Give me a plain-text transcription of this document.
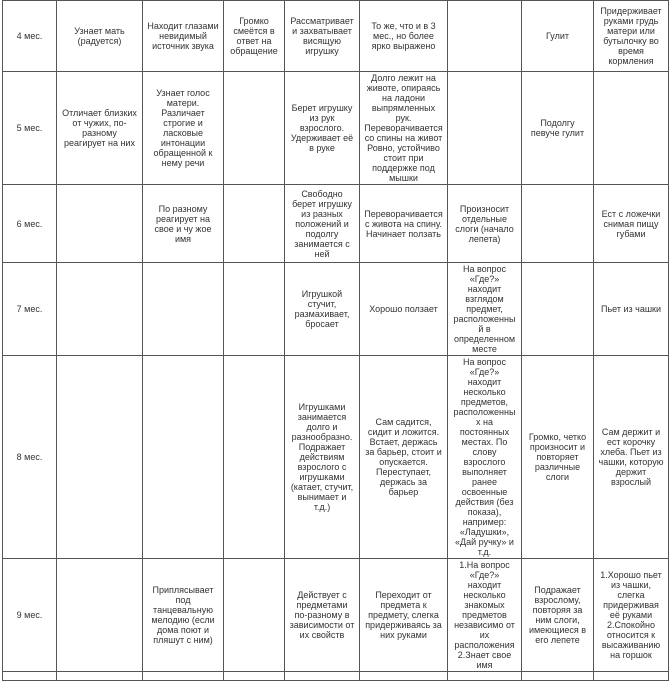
4 мес.	Узнает мать (радуется)	Находит глазами невидимый источник звука	Громко смеётся в ответ на обращение	Рассматривает и захватывает висящую игрушку	То же, что и в 3 мес., но более ярко выражено		Гулит	Придерживает руками грудь матери или бутылочку во время кормления
5 мес.	Отличает близких от чужих, по-разному реагирует на них	Узнает голос матери. Различает строгие и ласковые интонации обращенной к нему речи		Берет игрушку из рук взрослого. Удерживает её в руке	Долго лежит на животе, опираясь на ладони выпрямленных рук. Переворачивается со спины на живот Ровно, устойчиво стоит при поддержке под мышки		Подолгу певуче гулит	
6 мес.		По разному реагирует на свое и чу жое имя		Свободно берет игрушку из разных положений и подолгу занимается с ней	Переворачивается с живота на спину. Начинает ползать	Произносит отдельные слоги (начало лепета)		Ест с ложечки снимая пищу губами
7 мес.				Игрушкой стучит, размахивает, бросает	Хорошо ползает	На вопрос «Где?» находит взглядом предмет, расположенный в определенном месте		Пьет из чашки
8 мес.				Игрушками занимается долго и разнообразно. Подражает действиям взрослого с игрушками (катает, стучит, вынимает и т.д.)	Сам садится, сидит и ложится. Встает, держась за барьер, стоит и опускается. Переступает, держась за барьер	На вопрос «Где?» находит несколько предметов, расположенных на постоянных местах. По слову взрослого выполняет ранее освоенные действия (без показа), например: «Ладушки», «Дай ручку» и т.д.	Громко, четко произносит и повторяет различные слоги	Сам держит и ест корочку хлеба. Пьет из чашки, которую держит взрослый
9 мес.		Приплясывает под танцевальную мелодию (если дома поют и пляшут с ним)		Действует с предметами по-разному в зависимости от их свойств	Переходит от предмета к предмету, слегка придерживаясь за них руками	1.На вопрос «Где?» находит несколько знакомых предметов независимо от их расположения 2.Знает свое имя	Подражает взрослому, повторяя за ним слоги, имеющиеся в его лепете	1.Хорошо пьет из чашки, слегка придерживая её руками 2.Спокойно относится к высаживанию на горшок
